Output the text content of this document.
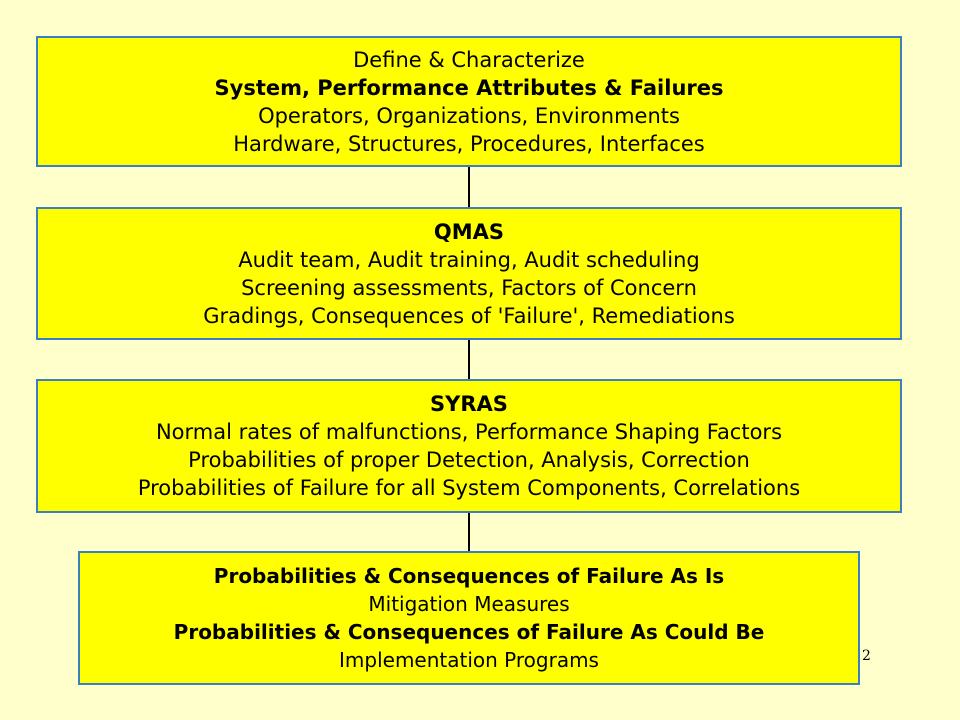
Define & Characterize
System, Performance Attributes & Failures
Operators, Organizations, Environments
Hardware, Structures, Procedures, Interfaces
QMAS
Audit team, Audit training, Audit scheduling
Screening assessments, Factors of Concern
Gradings, Consequences of 'Failure', Remediations
SYRAS
Normal rates of malfunctions, Performance Shaping Factors
Probabilities of proper Detection, Analysis, Correction
Probabilities of Failure for all System Components, Correlations
Probabilities & Consequences of Failure As Is
Mitigation Measures
Probabilities & Consequences of Failure As Could Be
Implementation Programs	2
